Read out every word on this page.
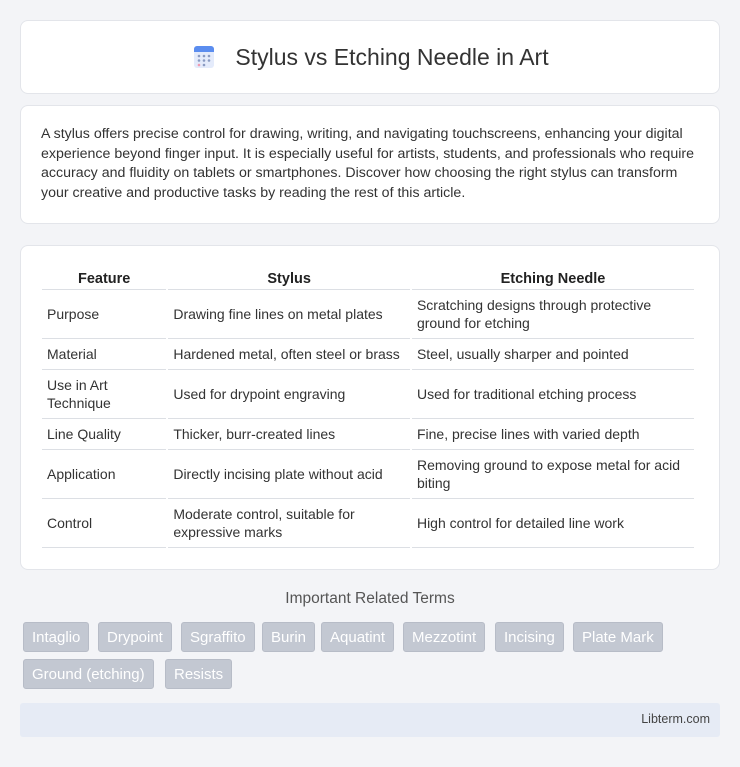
Stylus vs Etching Needle in Art

A stylus offers precise control for drawing, writing, and navigating touchscreens, enhancing your digital experience beyond finger input. It is especially useful for artists, students, and professionals who require accuracy and fluidity on tablets or smartphones. Discover how choosing the right stylus can transform your creative and productive tasks by reading the rest of this article.

Feature	Stylus	Etching Needle
Purpose	Drawing fine lines on metal plates	Scratching designs through protective ground for etching
Material	Hardened metal, often steel or brass	Steel, usually sharper and pointed
Use in Art Technique	Used for drypoint engraving	Used for traditional etching process
Line Quality	Thicker, burr-created lines	Fine, precise lines with varied depth
Application	Directly incising plate without acid	Removing ground to expose metal for acid biting
Control	Moderate control, suitable for expressive marks	High control for detailed line work
Important Related Terms
Intaglio	Drypoint	Sgraffito	Burin	Aquatint	Mezzotint	Incising	Plate Mark
Ground (etching)	Resists
Libterm.com
